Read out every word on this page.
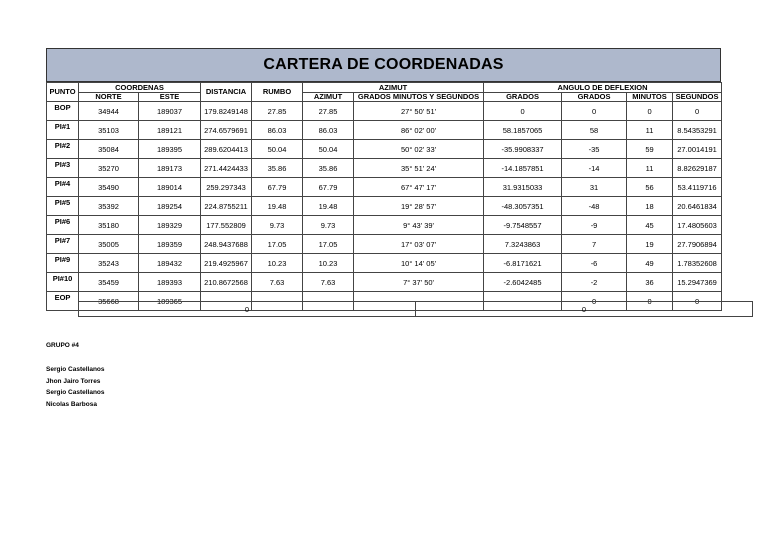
CARTERA DE COORDENADAS
PUNTO	COORDENAS		DISTANCIA	RUMBO	AZIMUT		ANGULO DE DEFLEXION			
	NORTE	ESTE			AZIMUT	GRADOS MINUTOS Y SEGUNDOS	GRADOS	GRADOS	MINUTOS	SEGUNDOS
BOP	34944	189037	179.8249148	27.85	27.85	27° 50' 51'	0	0	0	0
PI#1	35103	189121	274.6579691	86.03	86.03	86° 02' 00'	58.1857065	58	11	8.54353291
PI#2	35084	189395	289.6204413	50.04	50.04	50° 02' 33'	-35.9908337	-35	59	27.0014191
PI#3	35270	189173	271.4424433	35.86	35.86	35° 51' 24'	-14.1857851	-14	11	8.82629187
PI#4	35490	189014	259.297343	67.79	67.79	67° 47' 17'	31.9315033	31	56	53.4119716
PI#5	35392	189254	224.8755211	19.48	19.48	19° 28' 57'	-48.3057351	-48	18	20.6461834
PI#6	35180	189329	177.552809	9.73	9.73	9° 43' 39'	-9.7548557	-9	45	17.4805603
PI#7	35005	189359	248.9437688	17.05	17.05	17° 03' 07'	7.3243863	7	19	27.7906894
PI#9	35243	189432	219.4925967	10.23	10.23	10° 14' 05'	-6.8171621	-6	49	1.78352608
PI#10	35459	189393	210.8672568	7.63	7.63	7° 37' 50'	-2.6042485	-2	36	15.2947369
EOP	35668	189365						0	0	0
0	0
GRUPO #4
Sergio Castellanos
Jhon Jairo Torres
Sergio Castellanos
Nicolas Barbosa
